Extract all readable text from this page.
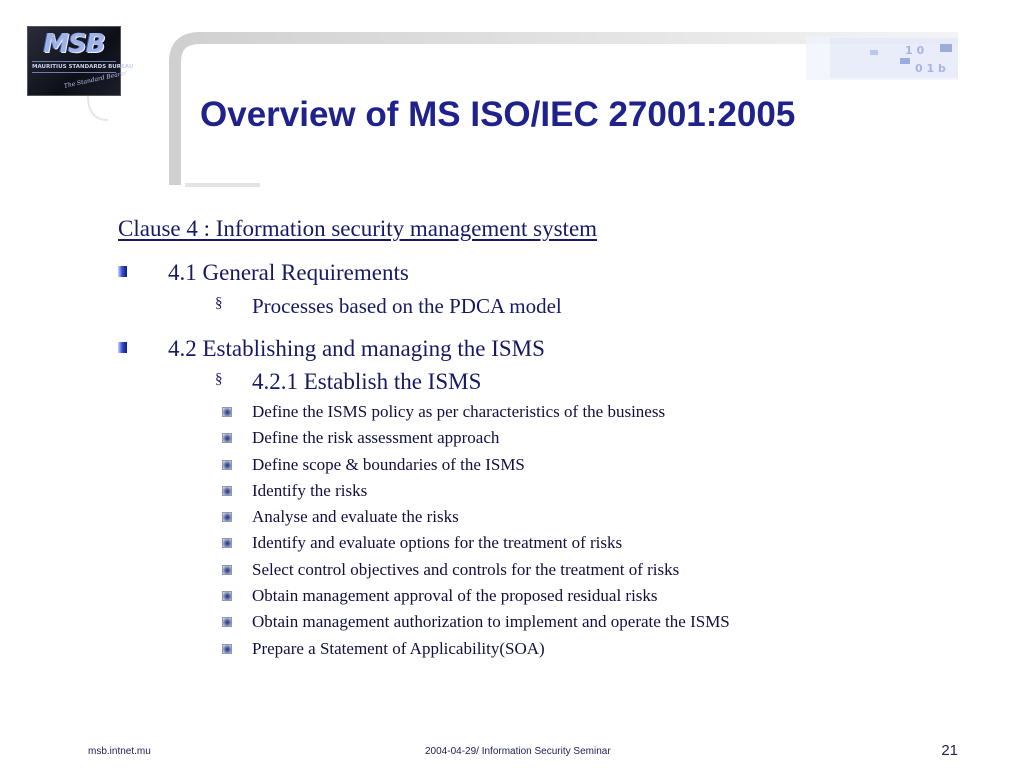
1 0
0 1 b
MSB
MAURITIUS STANDARDS BUREAU
The Standard Bearer
Overview of MS ISO/IEC 27001:2005
Clause 4 : Information security management system
4.1 General Requirements
§ Processes based on the PDCA model
4.2 Establishing and managing the ISMS
§ 4.2.1 Establish the ISMS
Define the ISMS policy as per characteristics of the business
Define the risk assessment approach
Define scope & boundaries of the ISMS
Identify the risks
Analyse and evaluate the risks
Identify and evaluate options for the treatment of risks
Select control objectives and controls for the treatment of risks
Obtain management approval of the proposed residual risks
Obtain management authorization to implement and operate the ISMS
Prepare a Statement of Applicability(SOA)
msb.intnet.mu	2004-04-29/ Information Security Seminar	21
